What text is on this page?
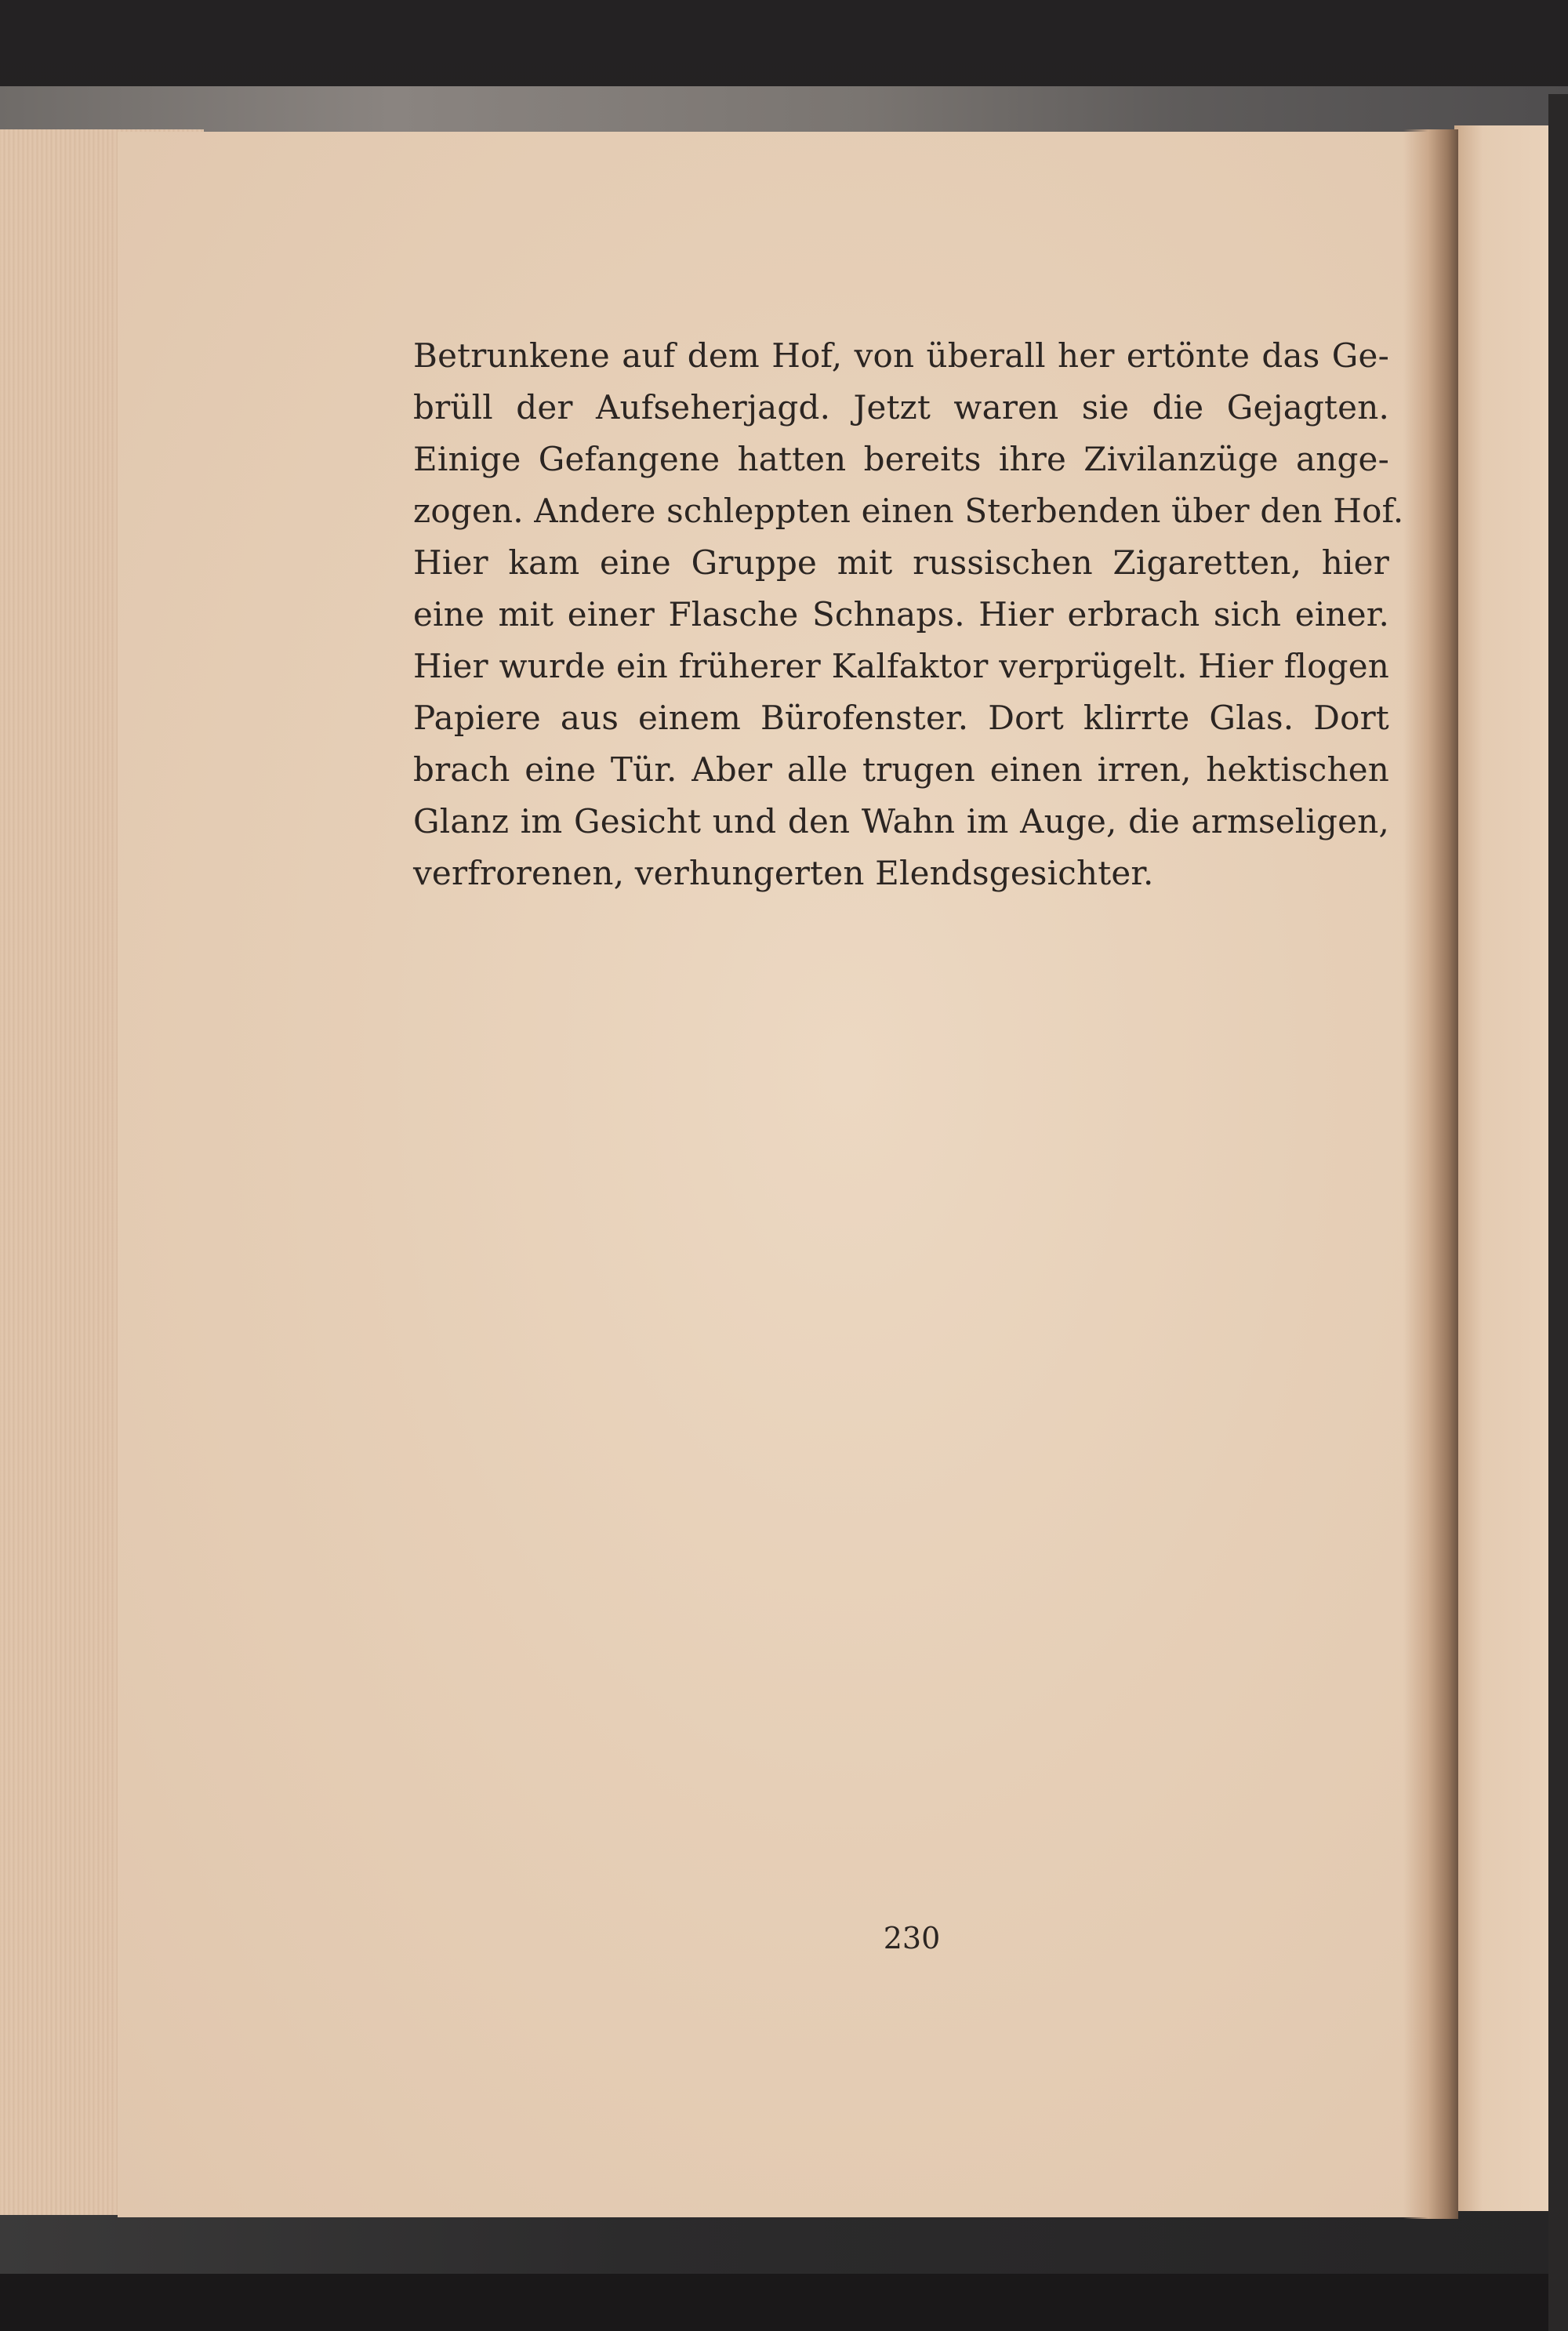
Betrunkene auf dem Hof, von überall her ertönte das Ge-
brüll der Aufseherjagd. Jetzt waren sie die Gejagten.
Einige Gefangene hatten bereits ihre Zivilanzüge ange-
zogen. Andere schleppten einen Sterbenden über den Hof.
Hier kam eine Gruppe mit russischen Zigaretten, hier
eine mit einer Flasche Schnaps. Hier erbrach sich einer.
Hier wurde ein früherer Kalfaktor verprügelt. Hier flogen
Papiere aus einem Bürofenster. Dort klirrte Glas. Dort
brach eine Tür. Aber alle trugen einen irren, hektischen
Glanz im Gesicht und den Wahn im Auge, die armseligen,
verfrorenen, verhungerten Elendsgesichter.
230
